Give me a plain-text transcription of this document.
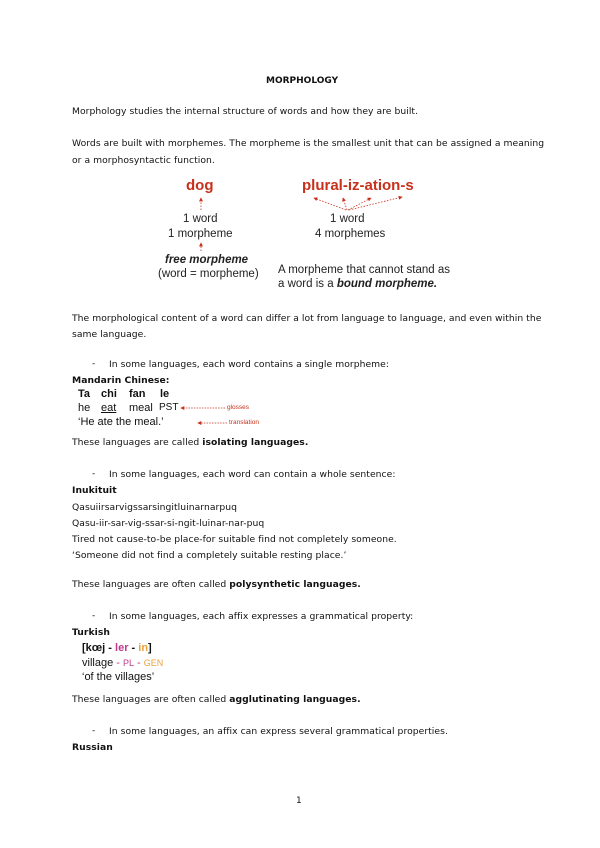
MORPHOLOGY
Morphology studies the internal structure of words and how they are built.
Words are built with morphemes. The morpheme is the smallest unit that can be assigned a meaning
or a morphosyntactic function.
dog
1 word
1 morpheme
free morpheme
(word = morpheme)
plural-iz-ation-s
1 word
4 morphemes
A morpheme that cannot stand as
a word is a bound morpheme.
The morphological content of a word can differ a lot from language to language, and even within the
same language.
- In some languages, each word contains a single morpheme:
Mandarin Chinese:
Ta chi fan le
he eat meal PST	glosses
‘He ate the meal.’	translation
These languages are called isolating languages.
- In some languages, each word can contain a whole sentence:
Inukituit
Qasuiirsarvigssarsingitluinarnarpuq
Qasu-iir-sar-vig-ssar-si-ngit-luinar-nar-puq
Tired not cause-to-be place-for suitable find not completely someone.
‘Someone did not find a completely suitable resting place.’
These languages are often called polysynthetic languages.
- In some languages, each affix expresses a grammatical property:
Turkish
[kœj - ler - in]
village - PL - GEN
‘of the villages’
These languages are often called agglutinating languages.
- In some languages, an affix can express several grammatical properties.
Russian
1
